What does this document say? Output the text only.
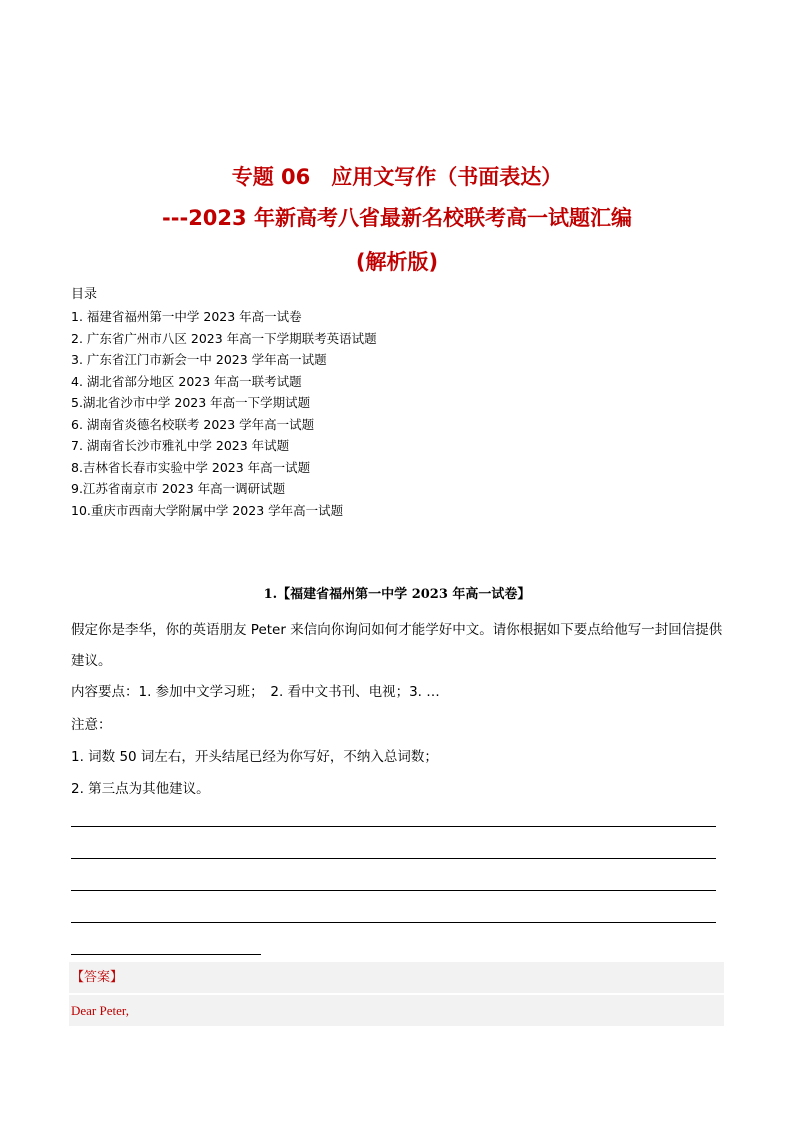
专题 06　应用文写作（书面表达）
---2023 年新高考八省最新名校联考高一试题汇编
(解析版)
目录
1. 福建省福州第一中学 2023 年高一试卷
2. 广东省广州市八区 2023 年高一下学期联考英语试题
3. 广东省江门市新会一中 2023 学年高一试题
4. 湖北省部分地区 2023 年高一联考试题
5.湖北省沙市中学 2023 年高一下学期试题
6. 湖南省炎德名校联考 2023 学年高一试题
7. 湖南省长沙市雅礼中学 2023 年试题
8.吉林省长春市实验中学 2023 年高一试题
9.江苏省南京市 2023 年高一调研试题
10.重庆市西南大学附属中学 2023 学年高一试题
1.【福建省福州第一中学 2023 年高一试卷】
假定你是李华，你的英语朋友 Peter 来信向你询问如何才能学好中文。请你根据如下要点给他写一封回信提供建议。
内容要点：1. 参加中文学习班；　2. 看中文书刊、电视；3. …
注意：
1. 词数 50 词左右，开头结尾已经为你写好，不纳入总词数；
2. 第三点为其他建议。
【答案】
Dear Peter,
